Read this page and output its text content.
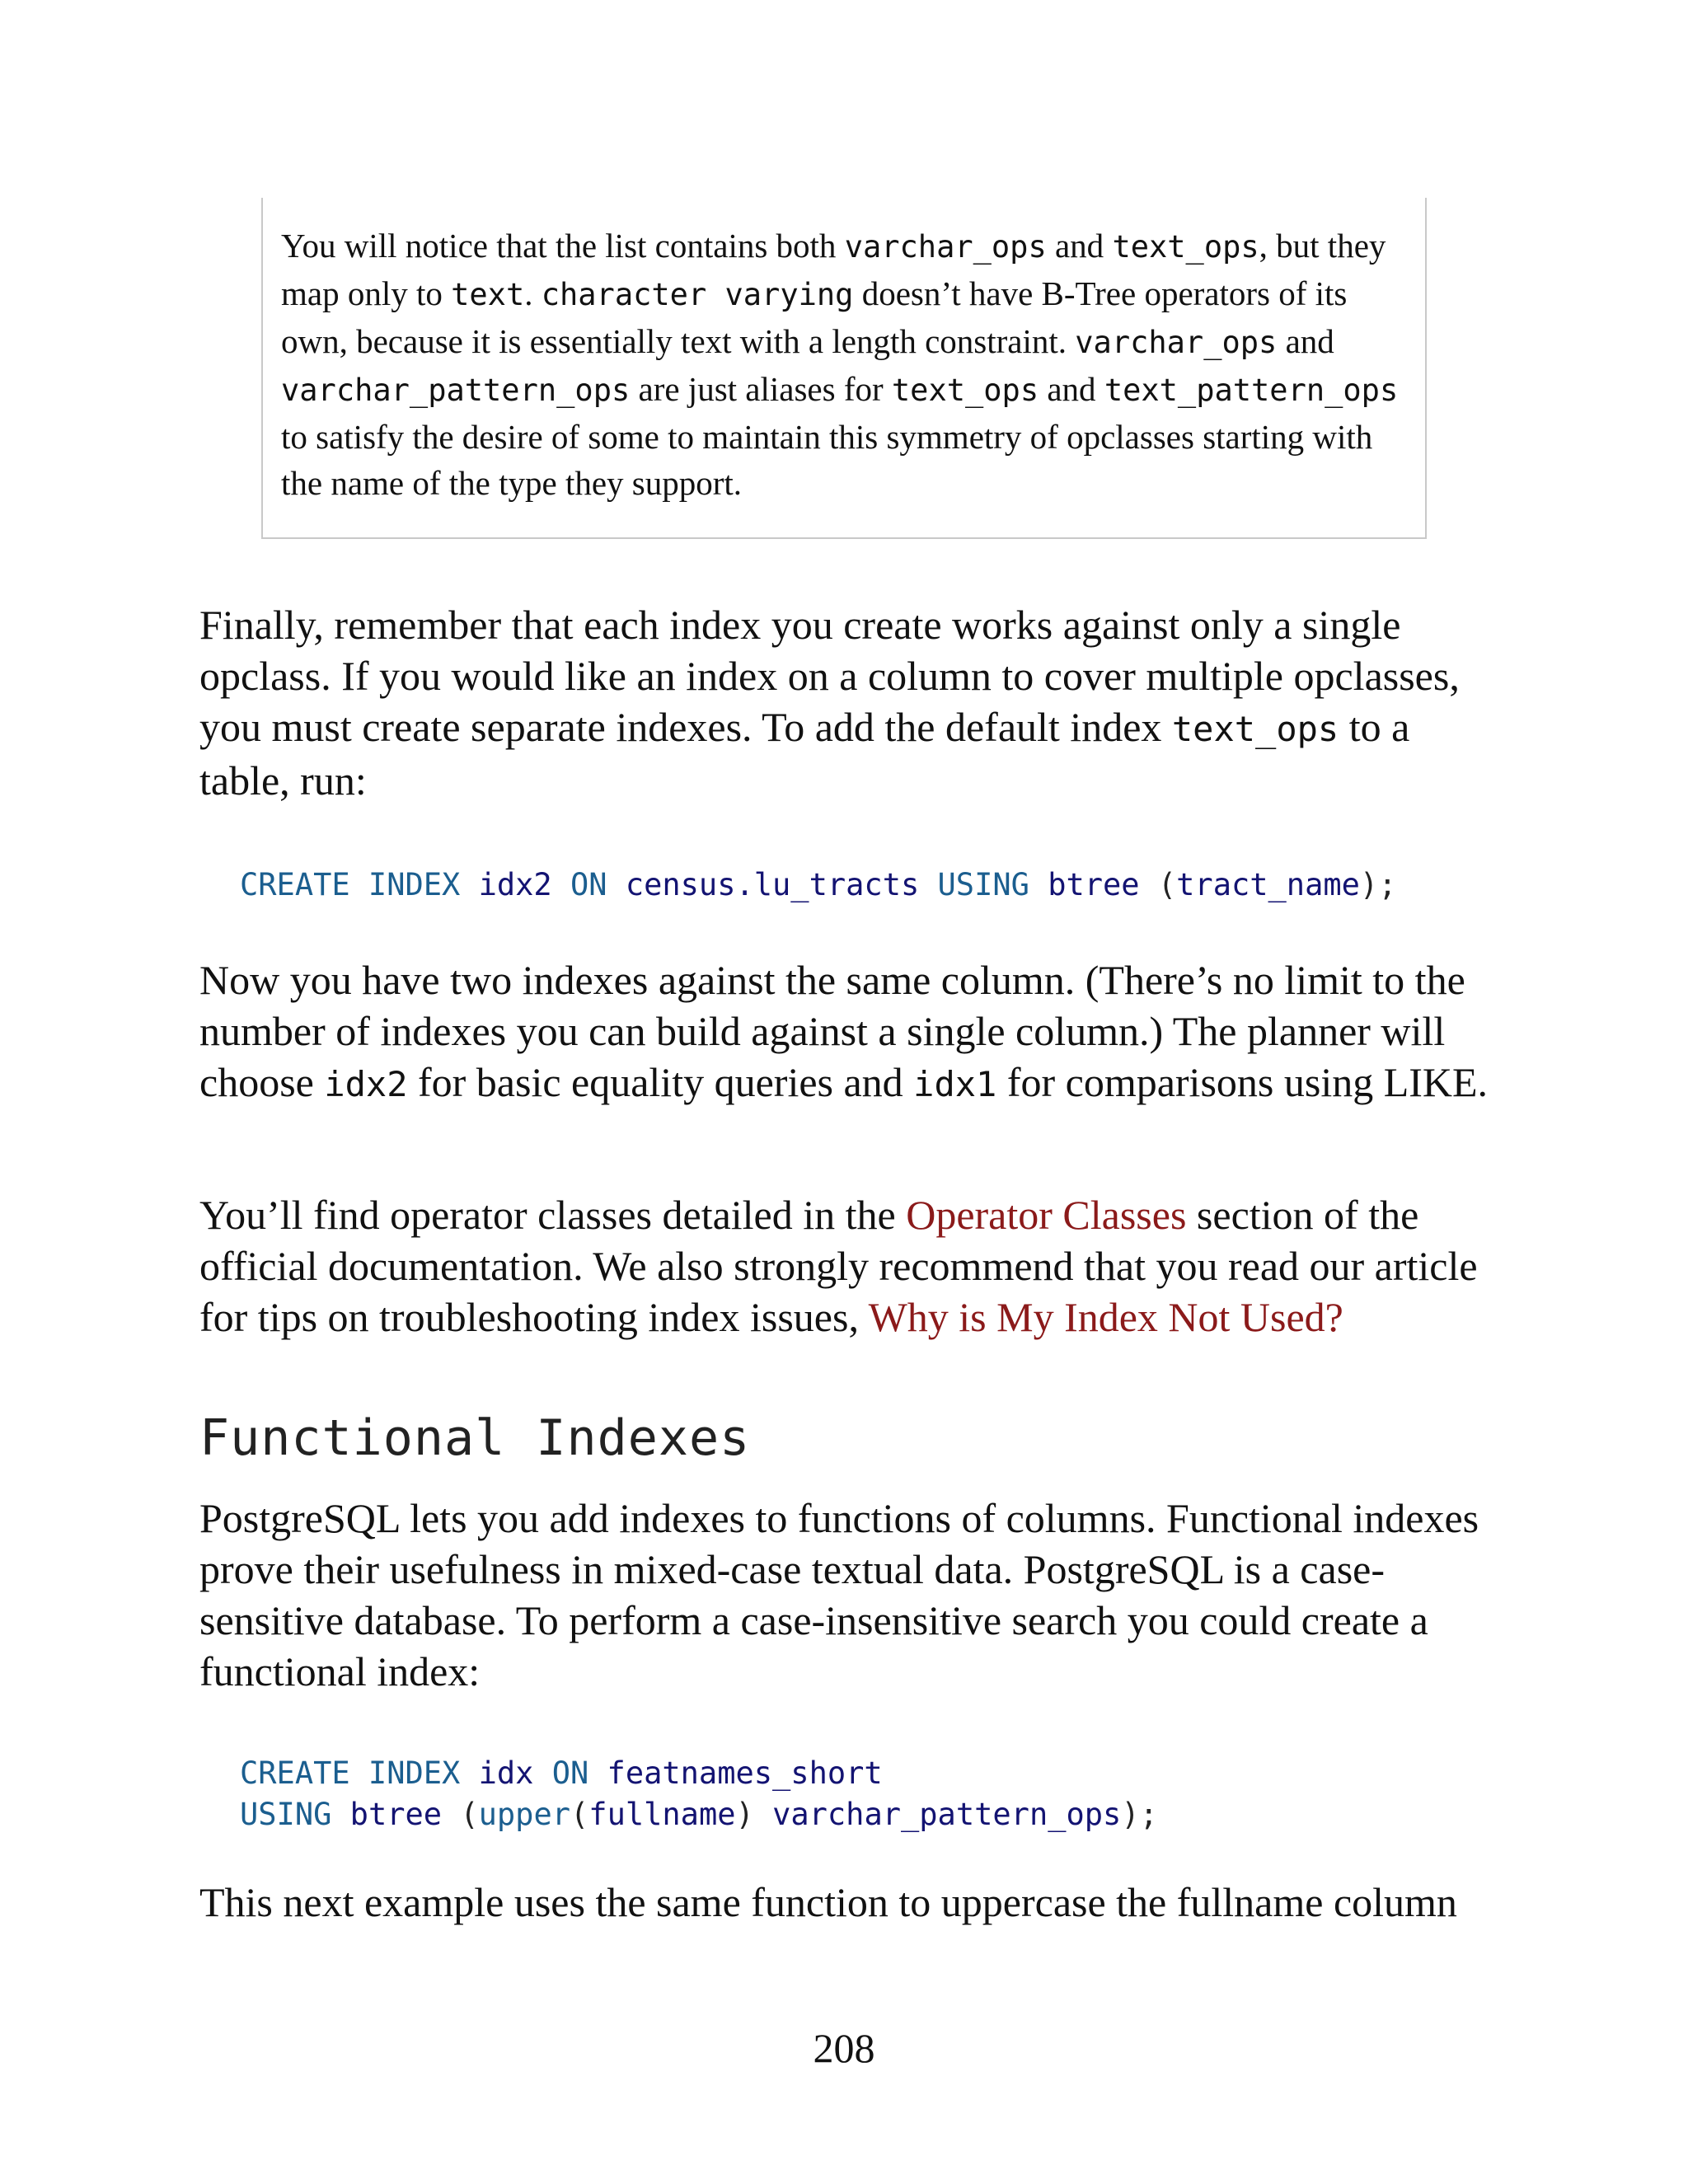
You will notice that the list contains both varchar_ops and text_ops, but they map only to text. character varying doesn’t have B-Tree operators of its own, because it is essentially text with a length constraint. varchar_ops and varchar_pattern_ops are just aliases for text_ops and text_pattern_ops to satisfy the desire of some to maintain this symmetry of opclasses starting with the name of the type they support.

Finally, remember that each index you create works against only a single opclass. If you would like an index on a column to cover multiple opclasses, you must create separate indexes. To add the default index text_ops to a table, run:

CREATE INDEX idx2 ON census.lu_tracts USING btree (tract_name);

Now you have two indexes against the same column. (There’s no limit to the number of indexes you can build against a single column.) The planner will choose idx2 for basic equality queries and idx1 for comparisons using LIKE.

You’ll find operator classes detailed in the Operator Classes section of the official documentation. We also strongly recommend that you read our article for tips on troubleshooting index issues, Why is My Index Not Used?

Functional Indexes

PostgreSQL lets you add indexes to functions of columns. Functional indexes prove their usefulness in mixed-case textual data. PostgreSQL is a case-sensitive database. To perform a case-insensitive search you could create a functional index:

CREATE INDEX idx ON featnames_short
USING btree (upper(fullname) varchar_pattern_ops);

This next example uses the same function to uppercase the fullname column

208
